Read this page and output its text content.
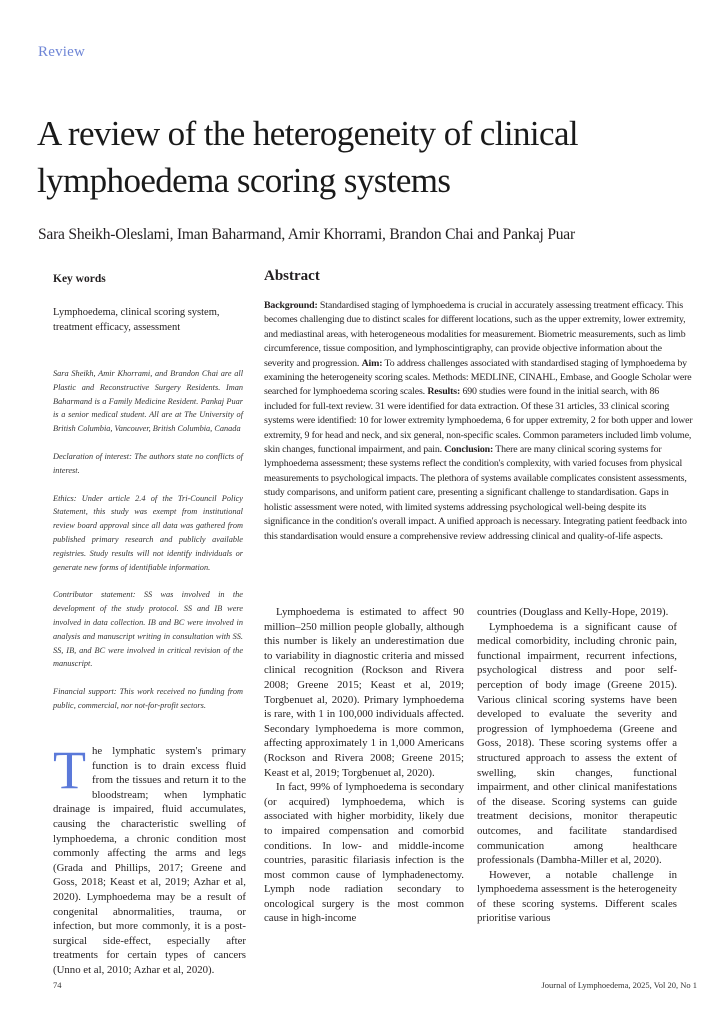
Review
A review of the heterogeneity of clinical lymphoedema scoring systems
Sara Sheikh-Oleslami, Iman Baharmand, Amir Khorrami, Brandon Chai and Pankaj Puar

Key words

Lymphoedema, clinical scoring system, treatment efficacy, assessment

Sara Sheikh, Amir Khorrami, and Brandon Chai are all Plastic and Reconstructive Surgery Residents. Iman Baharmand is a Family Medicine Resident. Pankaj Puar is a senior medical student. All are at The University of British Columbia, Vancouver, British Columbia, Canada

Declaration of interest: The authors state no conflicts of interest.

Ethics: Under article 2.4 of the Tri-Council Policy Statement, this study was exempt from institutional review board approval since all data was gathered from published primary research and publicly available registries. Study results will not identify individuals or generate new forms of identifiable information.

Contributor statement: SS was involved in the development of the study protocol. SS and IB were involved in data collection. IB and BC were involved in analysis and manuscript writing in consultation with SS. SS, IB, and BC were involved in critical revision of the manuscript.

Financial support: This work received no funding from public, commercial, nor not-for-profit sectors.

Abstract

Background: Standardised staging of lymphoedema is crucial in accurately assessing treatment efficacy. This becomes challenging due to distinct scales for different locations, such as the upper extremity, lower extremity, and mediastinal areas, with heterogeneous modalities for measurement. Biometric measurements, such as limb circumference, tissue composition, and lymphoscintigraphy, can provide objective information about the severity and progression. Aim: To address challenges associated with standardised staging of lymphoedema by examining the heterogeneity scoring scales. Methods: MEDLINE, CINAHL, Embase, and Google Scholar were searched for lymphoedema scoring scales. Results: 690 studies were found in the initial search, with 86 included for full-text review. 31 were identified for data extraction. Of these 31 articles, 33 clinical scoring systems were identified: 10 for lower extremity lymphoedema, 6 for upper extremity, 2 for both upper and lower extremity, 9 for head and neck, and six general, non-specific scales. Common parameters included limb volume, skin changes, functional impairment, and pain. Conclusion: There are many clinical scoring systems for lymphoedema assessment; these systems reflect the condition's complexity, with varied focuses from physical measurements to psychological impacts. The plethora of systems available complicates consistent assessments, study comparisons, and uniform patient care, presenting a significant challenge to standardisation. Gaps in holistic assessment were noted, with limited systems addressing psychological well-being despite its significance in the condition's overall impact. A unified approach is necessary. Integrating patient feedback into this standardisation would ensure a comprehensive review addressing clinical and quality-of-life aspects.

The lymphatic system's primary function is to drain excess fluid from the tissues and return it to the bloodstream; when lymphatic drainage is impaired, fluid accumulates, causing the characteristic swelling of lymphoedema, a chronic condition most commonly affecting the arms and legs (Grada and Phillips, 2017; Greene and Goss, 2018; Keast et al, 2019; Azhar et al, 2020). Lymphoedema may be a result of congenital abnormalities, trauma, or infection, but more commonly, it is a post-surgical side-effect, especially after treatments for certain types of cancers (Unno et al, 2010; Azhar et al, 2020).

Lymphoedema is estimated to affect 90 million–250 million people globally, although this number is likely an underestimation due to variability in diagnostic criteria and missed clinical recognition (Rockson and Rivera 2008; Greene 2015; Keast et al, 2019; Torgbenuet al, 2020). Primary lymphoedema is rare, with 1 in 100,000 individuals affected. Secondary lymphoedema is more common, affecting approximately 1 in 1,000 Americans (Rockson and Rivera 2008; Greene 2015; Keast et al, 2019; Torgbenuet al, 2020).

In fact, 99% of lymphoedema is secondary (or acquired) lymphoedema, which is associated with higher morbidity, likely due to impaired compensation and comorbid conditions. In low- and middle-income countries, parasitic filariasis infection is the most common cause of lymphadenectomy. Lymph node radiation secondary to oncological surgery is the most common cause in high-income

countries (Douglass and Kelly-Hope, 2019).

Lymphoedema is a significant cause of medical comorbidity, including chronic pain, functional impairment, recurrent infections, psychological distress and poor self-perception of body image (Greene 2015). Various clinical scoring systems have been developed to evaluate the severity and progression of lymphoedema (Greene and Goss, 2018). These scoring systems offer a structured approach to assess the extent of swelling, skin changes, functional impairment, and other clinical manifestations of the disease. Scoring systems can guide treatment decisions, monitor therapeutic outcomes, and facilitate standardised communication among healthcare professionals (Dambha-Miller et al, 2020).

However, a notable challenge in lymphoedema assessment is the heterogeneity of these scoring systems. Different scales prioritise various

74	Journal of Lymphoedema, 2025, Vol 20, No 1
